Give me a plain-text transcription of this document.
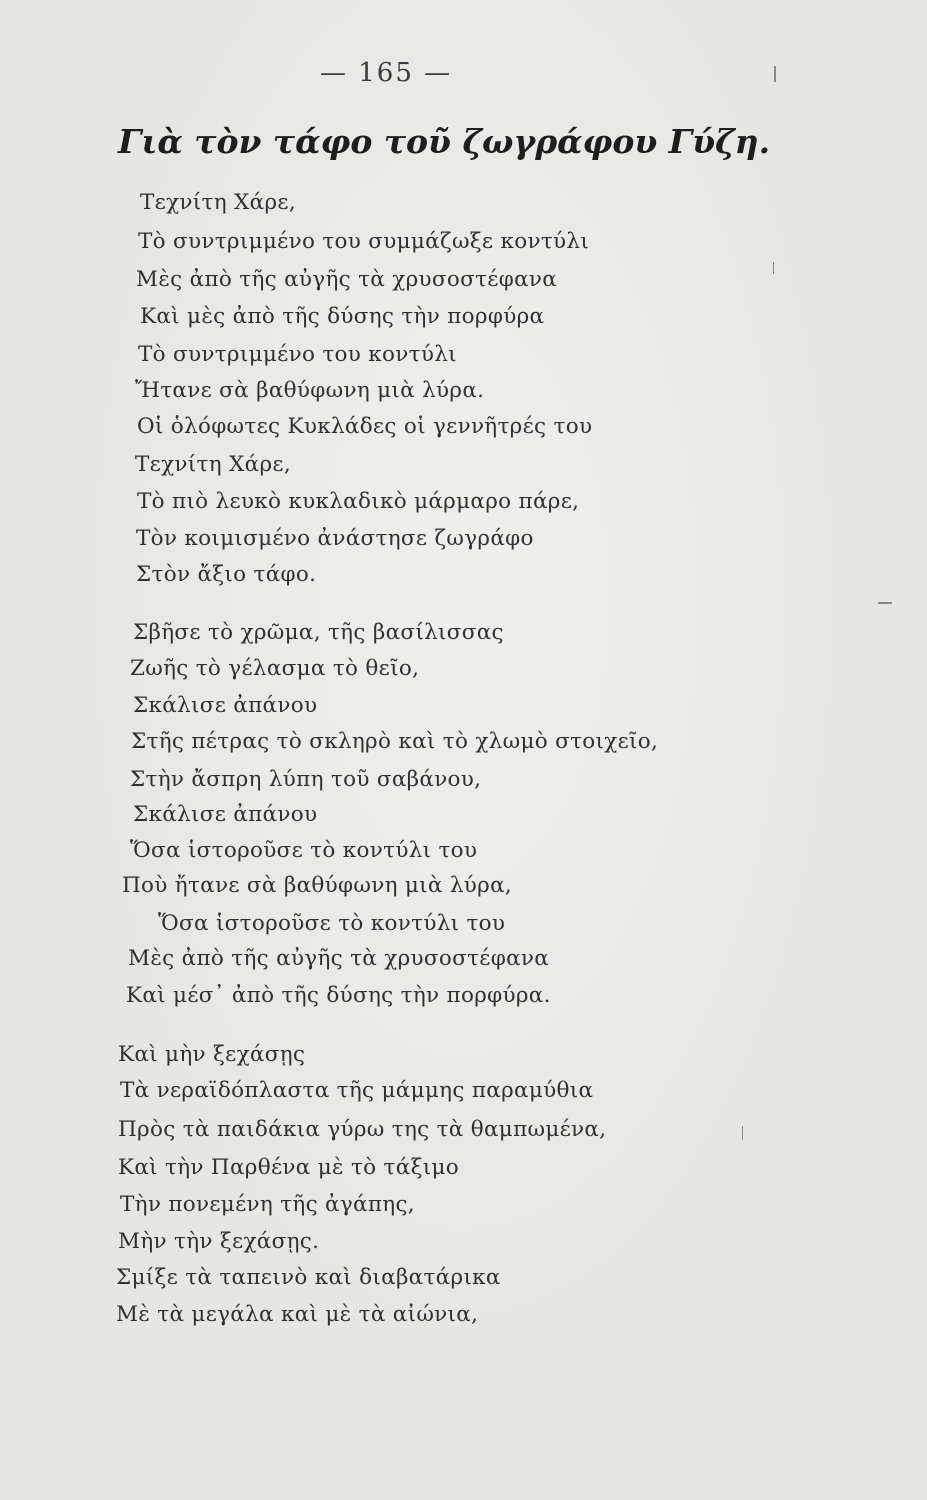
— 165 —
Γιὰ τὸν τάφο τοῦ ζωγράφου Γύζη.
Τεχνίτη Χάρε,
Τὸ συντριμμένο του συμμάζωξε κοντύλι
Μὲς ἀπὸ τῆς αὐγῆς τὰ χρυσοστέφανα
Καὶ μὲς ἀπὸ τῆς δύσης τὴν πορφύρα
Τὸ συντριμμένο του κοντύλι
Ἤτανε σὰ βαθύφωνη μιὰ λύρα.
Οἱ ὁλόφωτες Κυκλάδες οἱ γεννῆτρές του
Τεχνίτη Χάρε,
Τὸ πιὸ λευκὸ κυκλαδικὸ μάρμαρο πάρε,
Τὸν κοιμισμένο ἀνάστησε ζωγράφο
Στὸν ἄξιο τάφο.
Σβῆσε τὸ χρῶμα, τῆς βασίλισσας
Ζωῆς τὸ γέλασμα τὸ θεῖο,
Σκάλισε ἀπάνου
Στῆς πέτρας τὸ σκληρὸ καὶ τὸ χλωμὸ στοιχεῖο,
Στὴν ἄσπρη λύπη τοῦ σαβάνου,
Σκάλισε ἀπάνου
Ὅσα ἱστοροῦσε τὸ κοντύλι του
Ποὺ ἤτανε σὰ βαθύφωνη μιὰ λύρα,
Ὅσα ἱστοροῦσε τὸ κοντύλι του
Μὲς ἀπὸ τῆς αὐγῆς τὰ χρυσοστέφανα
Καὶ μέσ᾽ ἀπὸ τῆς δύσης τὴν πορφύρα.
Καὶ μὴν ξεχάσῃς
Τὰ νεραϊδόπλαστα τῆς μάμμης παραμύθια
Πρὸς τὰ παιδάκια γύρω της τὰ θαμπωμένα,
Καὶ τὴν Παρθένα μὲ τὸ τάξιμο
Τὴν πονεμένη τῆς ἀγάπης,
Μὴν τὴν ξεχάσῃς.
Σμίξε τὰ ταπεινὸ καὶ διαβατάρικα
Μὲ τὰ μεγάλα καὶ μὲ τὰ αἰώνια,
